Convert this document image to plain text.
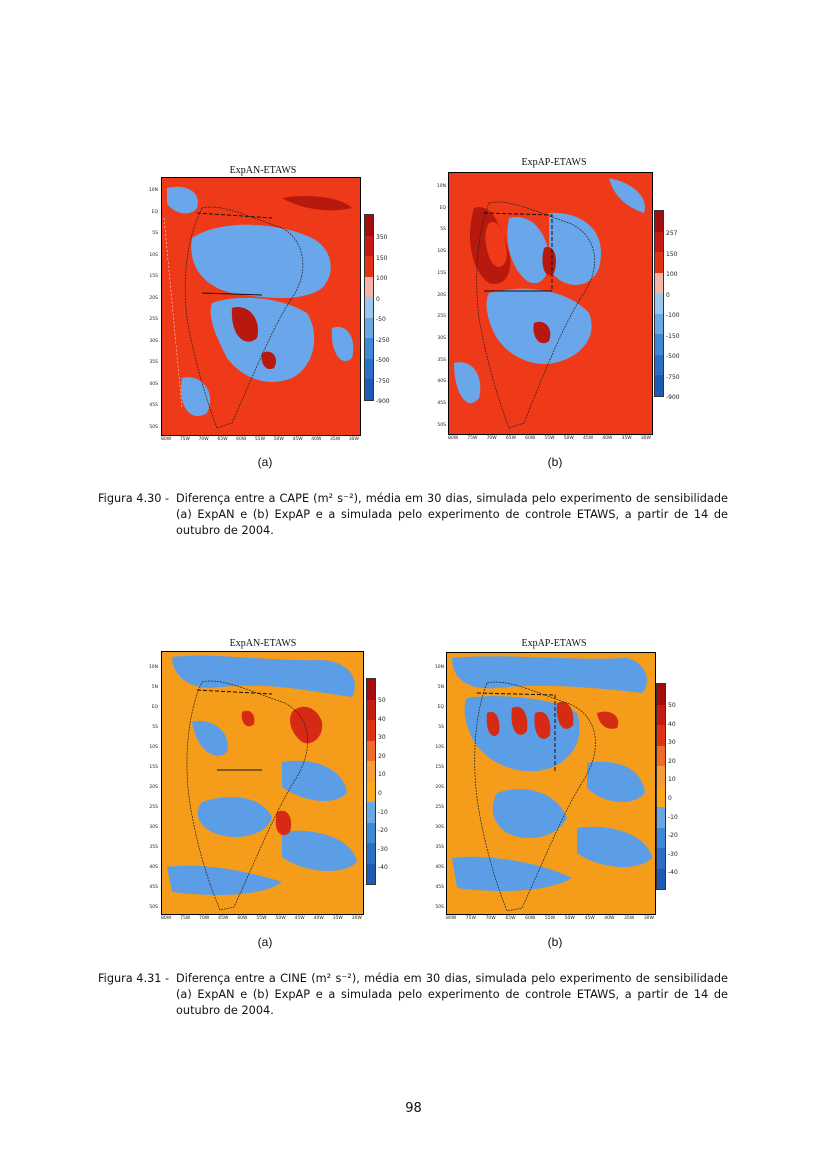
ExpAN-ETAWS
10N
EQ
5S
10S
15S
20S
25S
30S
35S
40S
45S
50S
80W 75W 70W 65W 60W 55W 50W 45W 40W 35W 30W
350
150
100
0
-50
-250
-500
-750
-900
(a)
ExpAP-ETAWS
10N
EQ
5S
10S
15S
20S
25S
30S
35S
40S
45S
50S
80W 75W 70W 65W 60W 55W 50W 45W 40W 35W 30W
257
150
100
0
-100
-150
-500
-750
-900
(b)
Figura 4.30 - Diferença entre a CAPE (m² s⁻²), média em 30 dias, simulada pelo experimento de sensibilidade (a) ExpAN e (b) ExpAP e a simulada pelo experimento de controle ETAWS, a partir de 14 de outubro de 2004.
ExpAN-ETAWS
10N
5N
EQ
5S
10S
15S
20S
25S
30S
35S
40S
45S
50S
80W 75W 70W 65W 60W 55W 50W 45W 40W 35W 30W
50
40
30
20
10
0
-10
-20
-30
-40
(a)
ExpAP-ETAWS
10N
5N
EQ
5S
10S
15S
20S
25S
30S
35S
40S
45S
50S
80W 75W 70W 65W 60W 55W 50W 45W 40W 35W 30W
50
40
30
20
10
0
-10
-20
-30
-40
(b)
Figura 4.31 - Diferença entre a CINE (m² s⁻²), média em 30 dias, simulada pelo experimento de sensibilidade (a) ExpAN e (b) ExpAP e a simulada pelo experimento de controle ETAWS, a partir de 14 de outubro de 2004.
98
